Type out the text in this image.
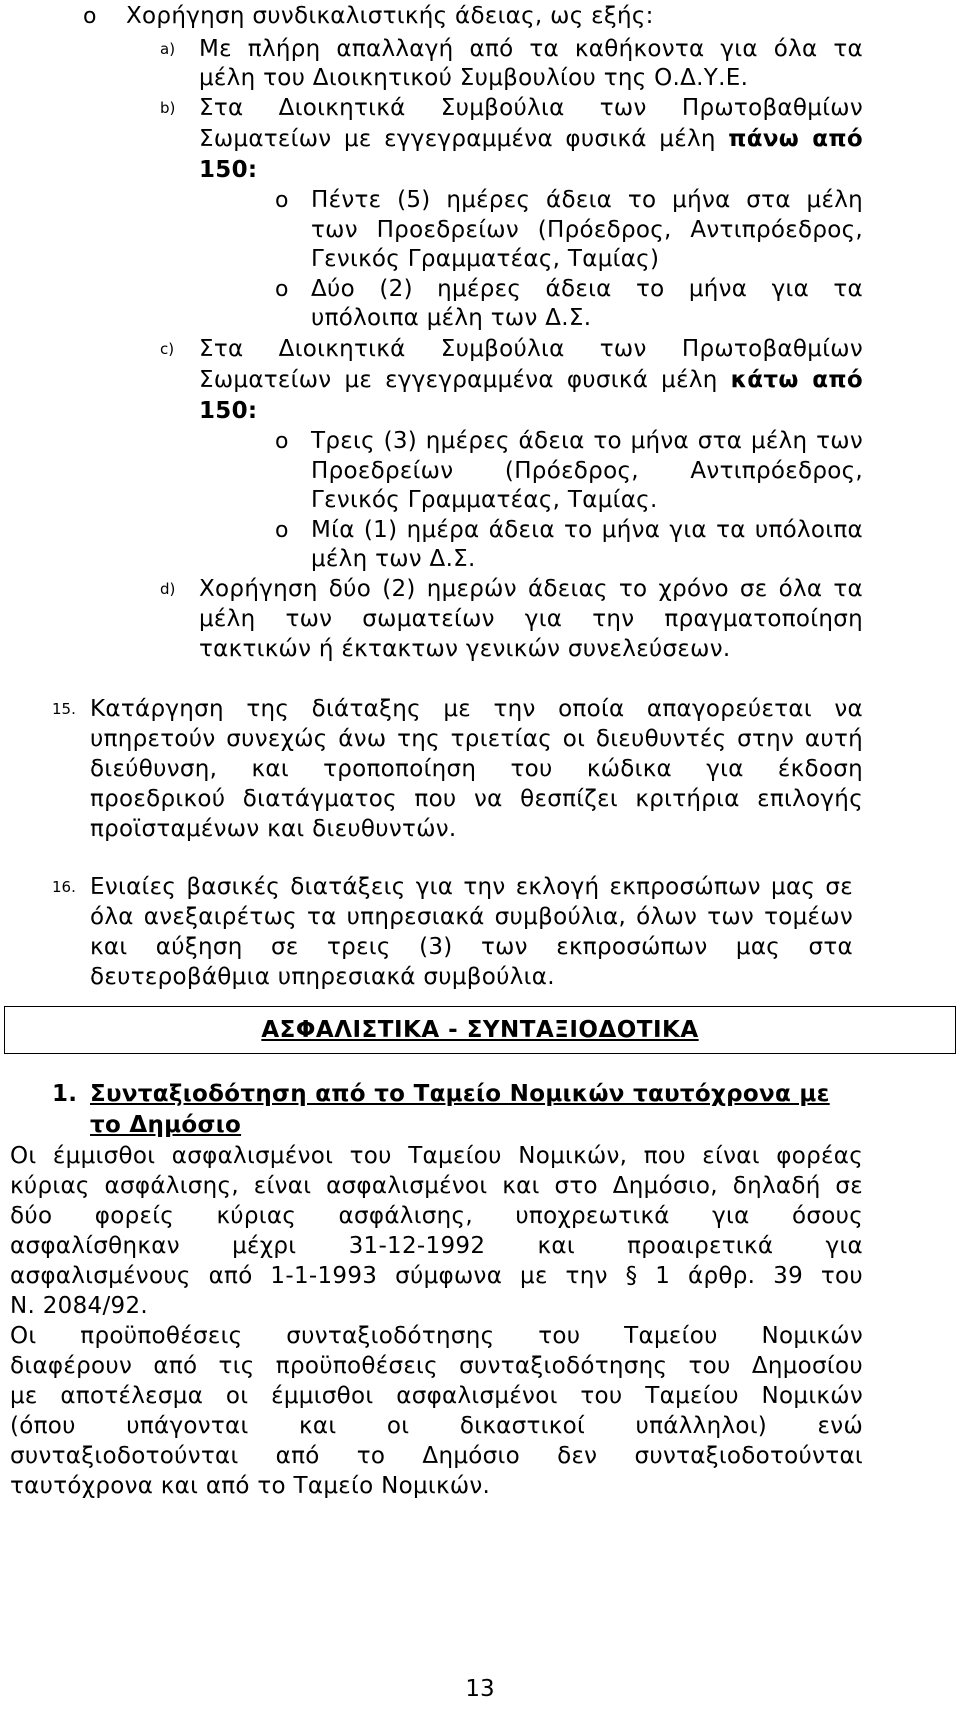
o Χορήγηση συνδικαλιστικής άδειας, ως εξής:
a) Με πλήρη απαλλαγή από τα καθήκοντα για όλα τα
μέλη του Διοικητικού Συμβουλίου της Ο.Δ.Υ.Ε.
b) Στα Διοικητικά Συμβούλια των Πρωτοβαθμίων
Σωματείων με εγγεγραμμένα φυσικά μέλη πάνω από
150:
o Πέντε (5) ημέρες άδεια το μήνα στα μέλη
των Προεδρείων (Πρόεδρος, Αντιπρόεδρος,
Γενικός Γραμματέας, Ταμίας)
o Δύο (2) ημέρες άδεια το μήνα για τα
υπόλοιπα μέλη των Δ.Σ.
c) Στα Διοικητικά Συμβούλια των Πρωτοβαθμίων
Σωματείων με εγγεγραμμένα φυσικά μέλη κάτω από
150:
o Τρεις (3) ημέρες άδεια το μήνα στα μέλη των
Προεδρείων (Πρόεδρος, Αντιπρόεδρος,
Γενικός Γραμματέας, Ταμίας.
o Μία (1) ημέρα άδεια το μήνα για τα υπόλοιπα
μέλη των Δ.Σ.
d) Χορήγηση δύο (2) ημερών άδειας το χρόνο σε όλα τα
μέλη των σωματείων για την πραγματοποίηση
τακτικών ή έκτακτων γενικών συνελεύσεων.
15. Κατάργηση της διάταξης με την οποία απαγορεύεται να
υπηρετούν συνεχώς άνω της τριετίας οι διευθυντές στην αυτή
διεύθυνση, και τροποποίηση του κώδικα για έκδοση
προεδρικού διατάγματος που να θεσπίζει κριτήρια επιλογής
προϊσταμένων και διευθυντών.
16. Ενιαίες βασικές διατάξεις για την εκλογή εκπροσώπων μας σε
όλα ανεξαιρέτως τα υπηρεσιακά συμβούλια, όλων των τομέων
και αύξηση σε τρεις (3) των εκπροσώπων μας στα
δευτεροβάθμια υπηρεσιακά συμβούλια.
ΑΣΦΑΛΙΣΤΙΚΑ - ΣΥΝΤΑΞΙΟΔΟΤΙΚΑ
1. Συνταξιοδότηση από το Ταμείο Νομικών ταυτόχρονα με
το Δημόσιο
Οι έμμισθοι ασφαλισμένοι του Ταμείου Νομικών, που είναι φορέας
κύριας ασφάλισης, είναι ασφαλισμένοι και στο Δημόσιο, δηλαδή σε
δύο φορείς κύριας ασφάλισης, υποχρεωτικά για όσους
ασφαλίσθηκαν μέχρι 31-12-1992 και προαιρετικά για
ασφαλισμένους από 1-1-1993 σύμφωνα με την § 1 άρθρ. 39 του
Ν. 2084/92.
Οι προϋποθέσεις συνταξιοδότησης του Ταμείου Νομικών
διαφέρουν από τις προϋποθέσεις συνταξιοδότησης του Δημοσίου
με αποτέλεσμα οι έμμισθοι ασφαλισμένοι του Ταμείου Νομικών
(όπου υπάγονται και οι δικαστικοί υπάλληλοι) ενώ
συνταξιοδοτούνται από το Δημόσιο δεν συνταξιοδοτούνται
ταυτόχρονα και από το Ταμείο Νομικών.
13
